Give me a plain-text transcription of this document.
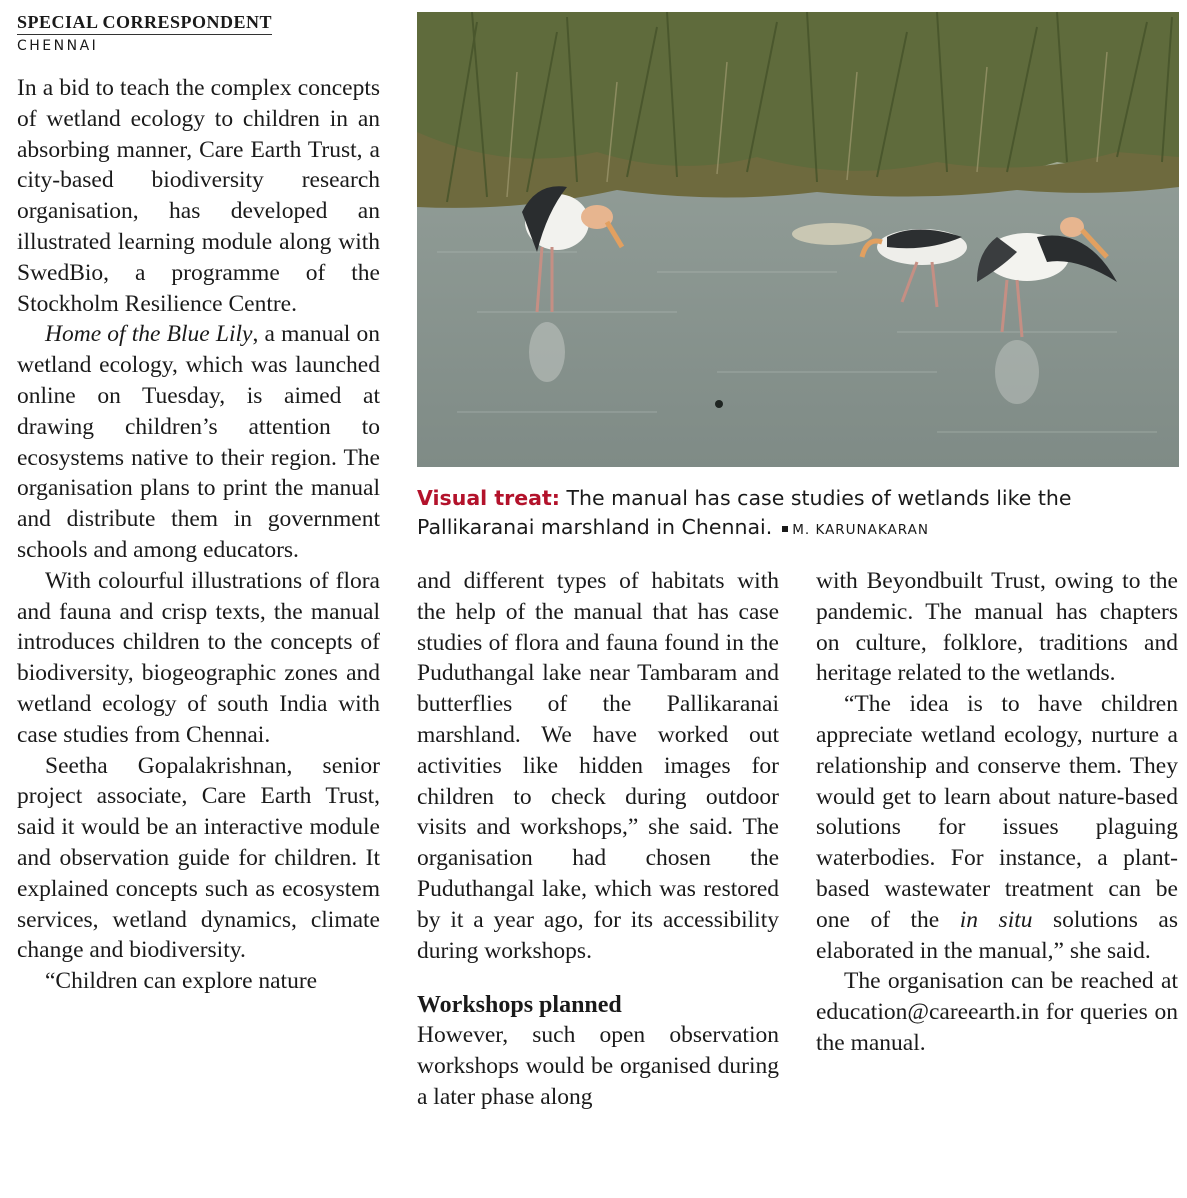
SPECIAL CORRESPONDENT
CHENNAI

In a bid to teach the complex concepts of wetland ecology to children in an absorbing manner, Care Earth Trust, a city-based biodiversity research organisation, has developed an illustrated learning module along with SwedBio, a programme of the Stockholm Resilience Centre.

Home of the Blue Lily, a manual on wetland ecology, which was launched online on Tuesday, is aimed at drawing children’s attention to ecosystems native to their region. The organisation plans to print the manual and distribute them in government schools and among educators.

With colourful illustrations of flora and fauna and crisp texts, the manual introduces children to the concepts of biodiversity, biogeographic zones and wetland ecology of south India with case studies from Chennai.

Seetha Gopalakrishnan, senior project associate, Care Earth Trust, said it would be an interactive module and observation guide for children. It explained concepts such as ecosystem services, wetland dynamics, climate change and biodiversity.

“Children can explore nature

Visual treat: The manual has case studies of wetlands like the Pallikaranai marshland in Chennai. M. KARUNAKARAN

and different types of habitats with the help of the manual that has case studies of flora and fauna found in the Puduthangal lake near Tambaram and butterflies of the Pallikaranai marshland. We have worked out activities like hidden images for children to check during outdoor visits and workshops,” she said. The organisation had chosen the Puduthangal lake, which was restored by it a year ago, for its accessibility during workshops.

Workshops planned

However, such open observation workshops would be organised during a later phase along

with Beyondbuilt Trust, owing to the pandemic. The manual has chapters on culture, folklore, traditions and heritage related to the wetlands.

“The idea is to have children appreciate wetland ecology, nurture a relationship and conserve them. They would get to learn about nature-based solutions for issues plaguing waterbodies. For instance, a plant-based wastewater treatment can be one of the in situ solutions as elaborated in the manual,” she said.

The organisation can be reached at education@careearth.in for queries on the manual.
